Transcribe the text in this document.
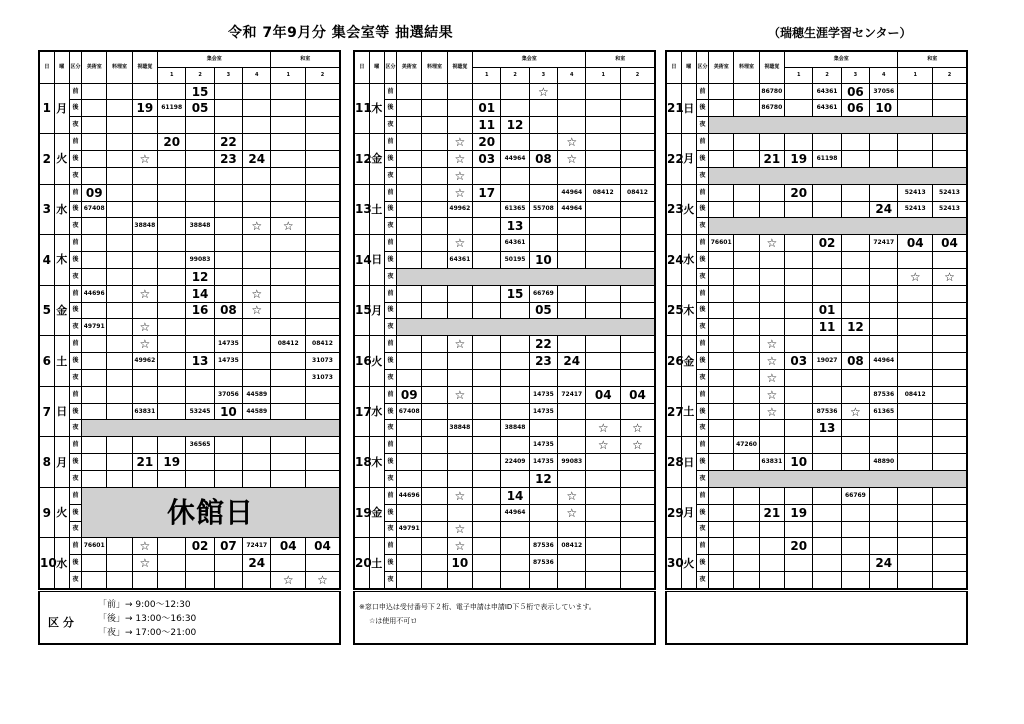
令和 7年9月分 集会室等 抽選結果	（瑞穂生涯学習センター）
日	曜	区分	美術室	料理室	視聴覚	集会室				和室	
						1	2	3	4	1	2
1	月	前					15				
		後			19	61198	05				
		夜									
2	火	前				20		22			
		後			☆			23	24		
		夜									
3	水	前	09								
		後	67408								
		夜			38848		38848		☆	☆	
4	木	前									
		後					99083				
		夜					12				
5	金	前	44696		☆		14		☆		
		後					16	08	☆		
		夜	49791		☆						
6	土	前			☆			14735		08412	08412
		後			49962		13	14735			31073
		夜									31073
7	日	前						37056	44589		
		後			63831		53245	10	44589		
		夜									
8	月	前					36565				
		後			21	19					
		夜									
9	火	前	休館日								
		後									
		夜									
10	水	前	76601		☆		02	07	72417	04	04
		後			☆				24		
		夜								☆	☆
日	曜	区分	美術室	料理室	視聴覚	集会室				和室	
						1	2	3	4	1	2
11	木	前						☆			
		後				01					
		夜				11	12				
12	金	前			☆	20			☆		
		後			☆	03	44964	08	☆		
		夜			☆						
13	土	前			☆	17			44964	08412	08412
		後			49962		61365	55708	44964		
		夜					13				
14	日	前			☆		64361				
		後			64361		50195	10			
		夜									
15	月	前					15	66769			
		後						05			
		夜									
16	火	前			☆			22			
		後						23	24		
		夜									
17	水	前	09		☆			14735	72417	04	04
		後	67408					14735			
		夜			38848		38848			☆	☆
18	木	前						14735		☆	☆
		後					22409	14735	99083		
		夜						12			
19	金	前	44696		☆		14		☆		
		後					44964		☆		
		夜	49791		☆						
20	土	前			☆			87536	08412		
		後			10			87536			
		夜									
日	曜	区分	美術室	料理室	視聴覚	集会室				和室	
						1	2	3	4	1	2
21	日	前			86780		64361	06	37056		
		後			86780		64361	06	10		
		夜									
22	月	前									
		後			21	19	61198				
		夜									
23	火	前				20				52413	52413
		後							24	52413	52413
		夜									
24	水	前	76601		☆		02		72417	04	04
		後									
		夜								☆	☆
25	木	前									
		後					01				
		夜					11	12			
26	金	前			☆						
		後			☆	03	19027	08	44964		
		夜			☆						
27	土	前			☆				87536	08412	
		後			☆		87536	☆	61365		
		夜					13				
28	日	前		47260							
		後			63831	10			48890		
		夜									
29	月	前						66769			
		後			21	19					
		夜									
30	火	前				20					
		後							24		
		夜									
区 分
「前」→ 9:00～12:30
「後」→ 13:00～16:30
「夜」→ 17:00～21:00
※窓口申込は受付番号下２桁、電子申請は申請ID下５桁で表示しています。
☆は使用不可ロ
